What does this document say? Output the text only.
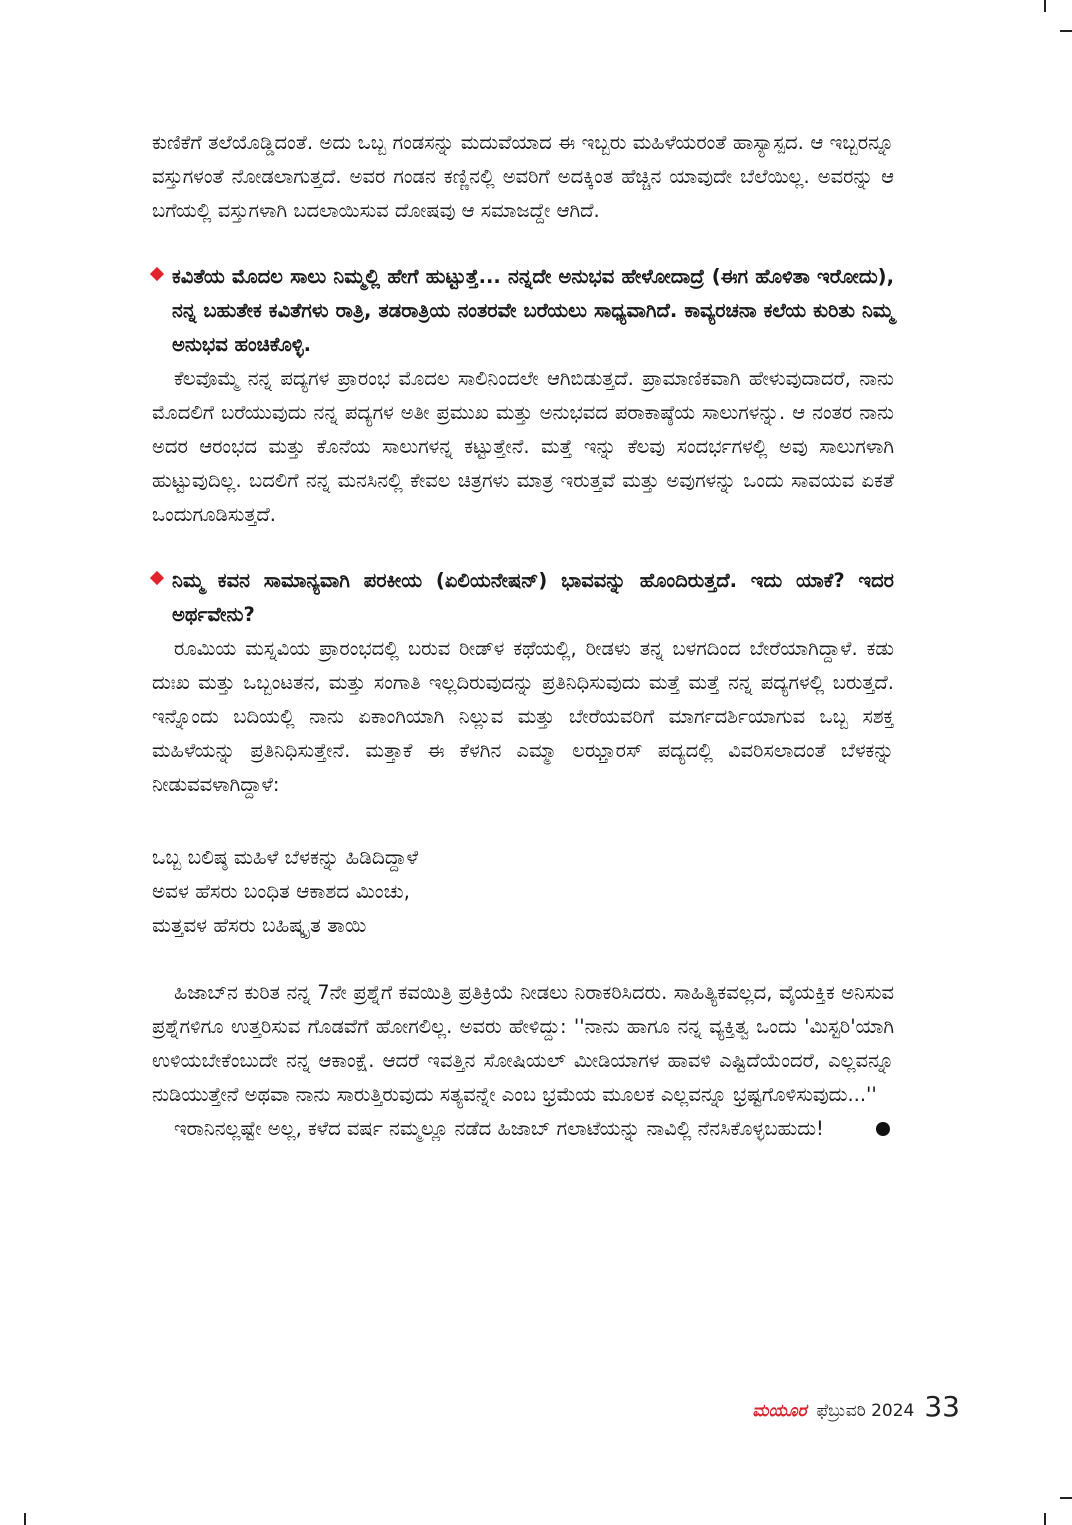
ಕುಣಿಕೆಗೆ ತಲೆಯೊಡ್ಡಿದಂತೆ. ಅದು ಒಬ್ಬ ಗಂಡಸನ್ನು ಮದುವೆಯಾದ ಈ ಇಬ್ಬರು ಮಹಿಳೆಯರಂತೆ ಹಾಸ್ಯಾಸ್ಪದ. ಆ ಇಬ್ಬರನ್ನೂ ವಸ್ತುಗಳಂತೆ ನೋಡಲಾಗುತ್ತದೆ. ಅವರ ಗಂಡನ ಕಣ್ಣಿನಲ್ಲಿ ಅವರಿಗೆ ಅದಕ್ಕಿಂತ ಹೆಚ್ಚಿನ ಯಾವುದೇ ಬೆಲೆಯಿಲ್ಲ. ಅವರನ್ನು ಆ ಬಗೆಯಲ್ಲಿ ವಸ್ತುಗಳಾಗಿ ಬದಲಾಯಿಸುವ ದೋಷವು ಆ ಸಮಾಜದ್ದೇ ಆಗಿದೆ.

ಕವಿತೆಯ ಮೊದಲ ಸಾಲು ನಿಮ್ಮಲ್ಲಿ ಹೇಗೆ ಹುಟ್ಟುತ್ತೆ... ನನ್ನದೇ ಅನುಭವ ಹೇಳೋದಾದ್ರೆ (ಈಗ ಹೊಳಿತಾ ಇರೋದು), ನನ್ನ ಬಹುತೇಕ ಕವಿತೆಗಳು ರಾತ್ರಿ, ತಡರಾತ್ರಿಯ ನಂತರವೇ ಬರೆಯಲು ಸಾಧ್ಯವಾಗಿದೆ. ಕಾವ್ಯರಚನಾ ಕಲೆಯ ಕುರಿತು ನಿಮ್ಮ ಅನುಭವ ಹಂಚಿಕೊಳ್ಳಿ.

ಕೆಲವೊಮ್ಮೆ ನನ್ನ ಪದ್ಯಗಳ ಪ್ರಾರಂಭ ಮೊದಲ ಸಾಲಿನಿಂದಲೇ ಆಗಿಬಿಡುತ್ತದೆ. ಪ್ರಾಮಾಣಿಕವಾಗಿ ಹೇಳುವುದಾದರೆ, ನಾನು ಮೊದಲಿಗೆ ಬರೆಯುವುದು ನನ್ನ ಪದ್ಯಗಳ ಅತೀ ಪ್ರಮುಖ ಮತ್ತು ಅನುಭವದ ಪರಾಕಾಷ್ಠೆಯ ಸಾಲುಗಳನ್ನು. ಆ ನಂತರ ನಾನು ಅದರ ಆರಂಭದ ಮತ್ತು ಕೊನೆಯ ಸಾಲುಗಳನ್ನ ಕಟ್ಟುತ್ತೇನೆ. ಮತ್ತೆ ಇನ್ನು ಕೆಲವು ಸಂದರ್ಭಗಳಲ್ಲಿ ಅವು ಸಾಲುಗಳಾಗಿ ಹುಟ್ಟುವುದಿಲ್ಲ. ಬದಲಿಗೆ ನನ್ನ ಮನಸಿನಲ್ಲಿ ಕೇವಲ ಚಿತ್ರಗಳು ಮಾತ್ರ ಇರುತ್ತವೆ ಮತ್ತು ಅವುಗಳನ್ನು ಒಂದು ಸಾವಯವ ಏಕತೆ ಒಂದುಗೂಡಿಸುತ್ತದೆ.

ನಿಮ್ಮ ಕವನ ಸಾಮಾನ್ಯವಾಗಿ ಪರಕೀಯ (ಏಲಿಯನೇಷನ್) ಭಾವವನ್ನು ಹೊಂದಿರುತ್ತದೆ. ಇದು ಯಾಕೆ? ಇದರ ಅರ್ಥವೇನು?

ರೂಮಿಯ ಮಸ್ನವಿಯ ಪ್ರಾರಂಭದಲ್ಲಿ ಬರುವ ರೀಡ್‌ಳ ಕಥೆಯಲ್ಲಿ, ರೀಡಳು ತನ್ನ ಬಳಗದಿಂದ ಬೇರೆಯಾಗಿದ್ದಾಳೆ. ಕಡು ದುಃಖ ಮತ್ತು ಒಬ್ಬಂಟತನ, ಮತ್ತು ಸಂಗಾತಿ ಇಲ್ಲದಿರುವುದನ್ನು ಪ್ರತಿನಿಧಿಸುವುದು ಮತ್ತೆ ಮತ್ತೆ ನನ್ನ ಪದ್ಯಗಳಲ್ಲಿ ಬರುತ್ತದೆ. ಇನ್ನೊಂದು ಬದಿಯಲ್ಲಿ ನಾನು ಏಕಾಂಗಿಯಾಗಿ ನಿಲ್ಲುವ ಮತ್ತು ಬೇರೆಯವರಿಗೆ ಮಾರ್ಗದರ್ಶಿಯಾಗುವ ಒಬ್ಬ ಸಶಕ್ತ ಮಹಿಳೆಯನ್ನು ಪ್ರತಿನಿಧಿಸುತ್ತೇನೆ. ಮತ್ತಾಕೆ ಈ ಕೆಳಗಿನ ಎಮ್ಮಾ ಲಝ್ತಾರಸ್ ಪದ್ಯದಲ್ಲಿ ವಿವರಿಸಲಾದಂತೆ ಬೆಳಕನ್ನು ನೀಡುವವಳಾಗಿದ್ದಾಳೆ:

ಒಬ್ಬ ಬಲಿಷ್ಠ ಮಹಿಳೆ ಬೆಳಕನ್ನು ಹಿಡಿದಿದ್ದಾಳೆ
ಅವಳ ಹೆಸರು ಬಂಧಿತ ಆಕಾಶದ ಮಿಂಚು,
ಮತ್ತವಳ ಹೆಸರು ಬಹಿಷ್ಕೃತ ತಾಯಿ

ಹಿಜಾಬ್‌ನ ಕುರಿತ ನನ್ನ 7ನೇ ಪ್ರಶ್ನೆಗೆ ಕವಯಿತ್ರಿ ಪ್ರತಿಕ್ರಿಯೆ ನೀಡಲು ನಿರಾಕರಿಸಿದರು. ಸಾಹಿತ್ಯಿಕವಲ್ಲದ, ವೈಯಕ್ತಿಕ ಅನಿಸುವ ಪ್ರಶ್ನೆಗಳಿಗೂ ಉತ್ತರಿಸುವ ಗೊಡವೆಗೆ ಹೋಗಲಿಲ್ಲ. ಅವರು ಹೇಳಿದ್ದು: ''ನಾನು ಹಾಗೂ ನನ್ನ ವ್ಯಕ್ತಿತ್ವ ಒಂದು 'ಮಿಸ್ಟರಿ'ಯಾಗಿ ಉಳಿಯಬೇಕೆಂಬುದೇ ನನ್ನ ಆಕಾಂಕ್ಷೆ. ಆದರೆ ಇವತ್ತಿನ ಸೋಷಿಯಲ್ ಮೀಡಿಯಾಗಳ ಹಾವಳಿ ಎಷ್ಟಿದೆಯೆಂದರೆ, ಎಲ್ಲವನ್ನೂ ನುಡಿಯುತ್ತೇನೆ ಅಥವಾ ನಾನು ಸಾರುತ್ತಿರುವುದು ಸತ್ಯವನ್ನೇ ಎಂಬ ಭ್ರಮೆಯ ಮೂಲಕ ಎಲ್ಲವನ್ನೂ ಭ್ರಷ್ಟಗೊಳಿಸುವುದು...''

ಇರಾನಿನಲ್ಲಷ್ಟೇ ಅಲ್ಲ, ಕಳೆದ ವರ್ಷ ನಮ್ಮಲ್ಲೂ ನಡೆದ ಹಿಜಾಬ್ ಗಲಾಟೆಯನ್ನು ನಾವಿಲ್ಲಿ ನೆನಸಿಕೊಳ್ಳಬಹುದು!

ಮಯೂರ ಫೆಬ್ರುವರಿ 2024 33
